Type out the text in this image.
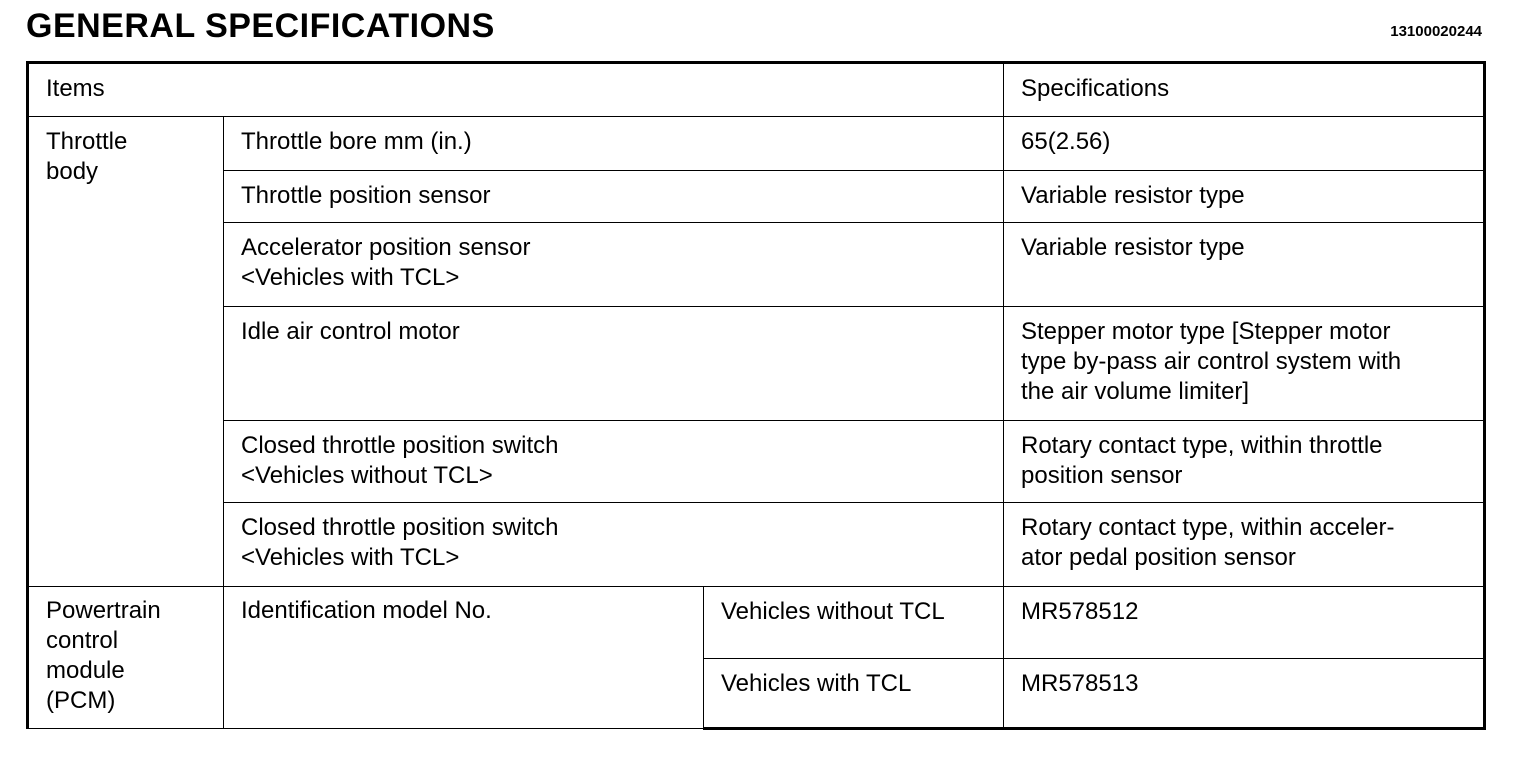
GENERAL SPECIFICATIONS	13100020244
Items			Specifications

Throttle
body	Throttle bore mm (in.)		65(2.56)

	Throttle position sensor		Variable resistor type

	Accelerator position sensor
<Vehicles with TCL>		Variable resistor type

	Idle air control motor		Stepper motor type [Stepper motor
type by-pass air control system with
the air volume limiter]

	Closed throttle position switch
<Vehicles without TCL>		Rotary contact type, within throttle
position sensor

	Closed throttle position switch
<Vehicles with TCL>		Rotary contact type, within acceler-
ator pedal position sensor

Powertrain
control
module
(PCM)	Identification model No.	Vehicles without TCL	MR578512
		Vehicles with TCL	MR578513
